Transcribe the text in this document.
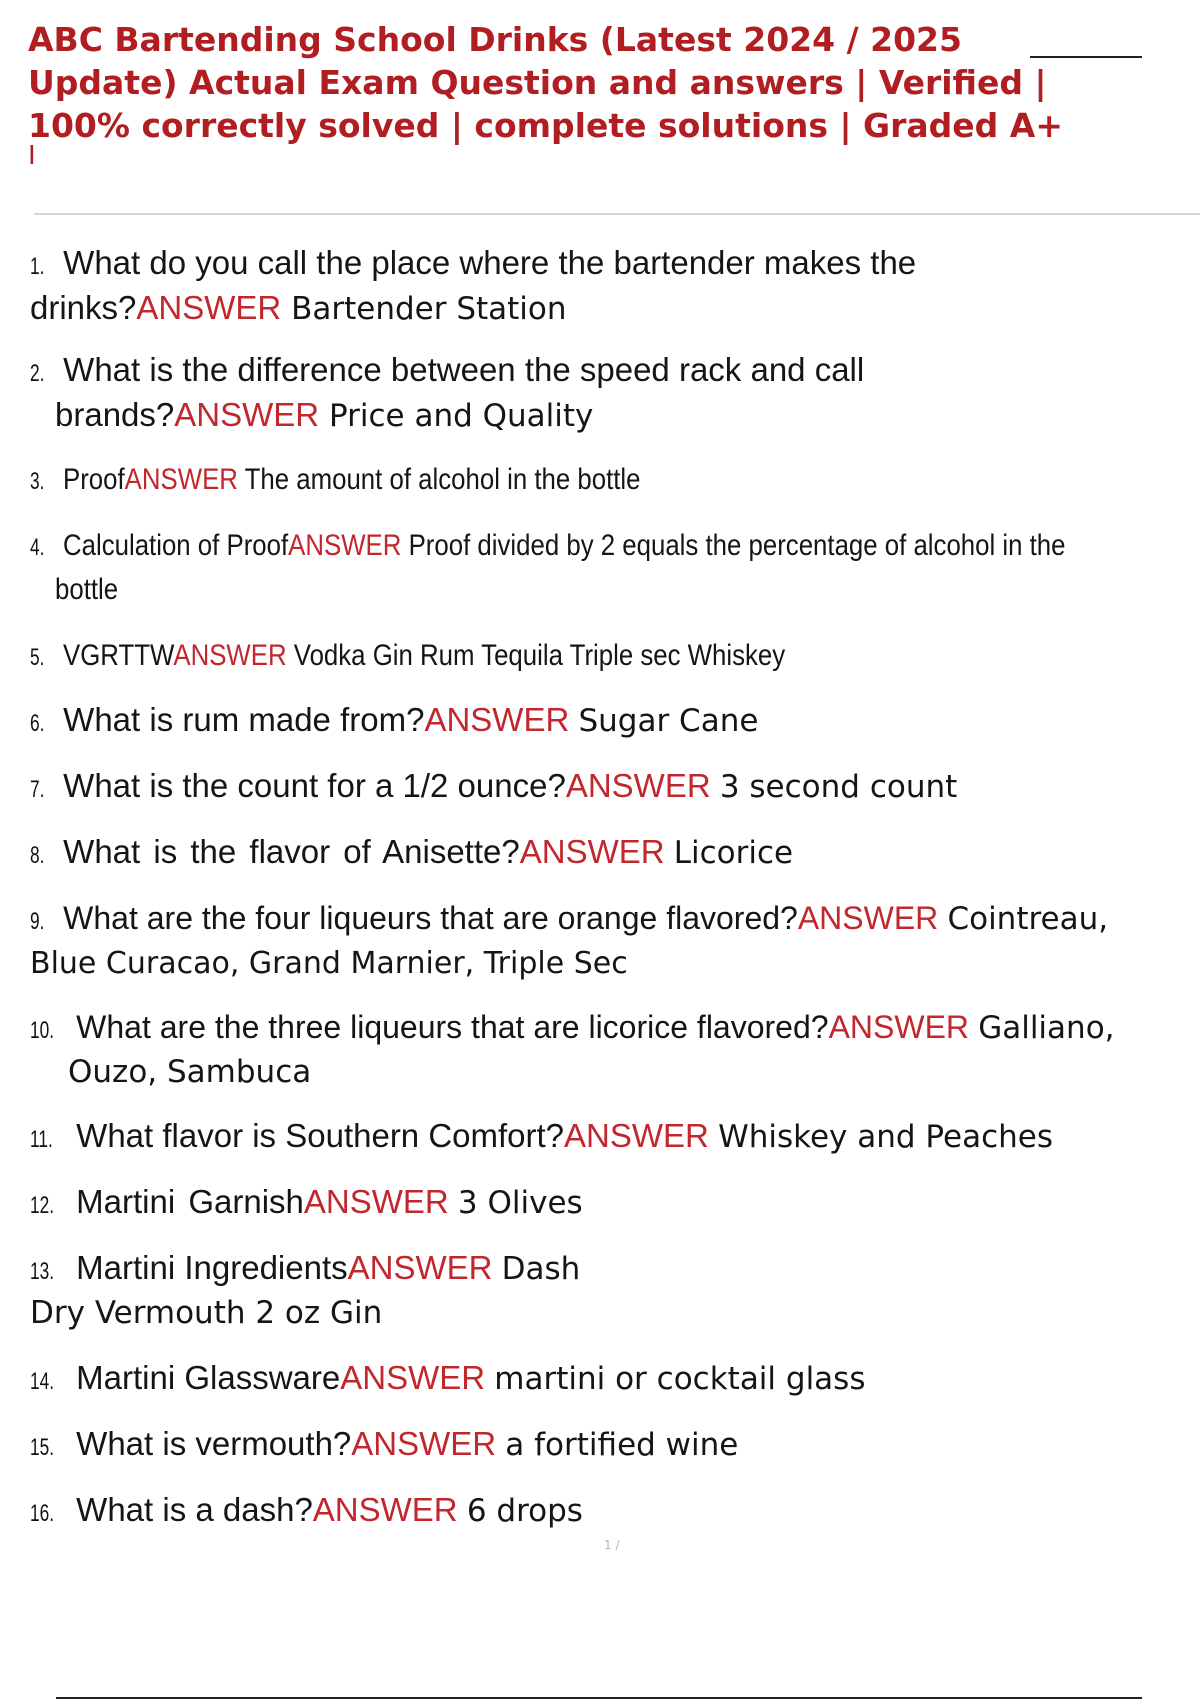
ABC Bartending School Drinks (Latest 2024 / 2025
Update) Actual Exam Question and answers | Verified |
100% correctly solved | complete solutions | Graded A+
I
1. What do you call the place where the bartender makes the
drinks?ANSWER Bartender Station
2. What is the difference between the speed rack and call
brands?ANSWER Price and Quality
3. ProofANSWER The amount of alcohol in the bottle
4. Calculation of ProofANSWER Proof divided by 2 equals the percentage of alcohol in the
bottle
5. VGRTTWANSWER Vodka Gin Rum Tequila Triple sec Whiskey
6. What is rum made from?ANSWER Sugar Cane
7. What is the count for a 1/2 ounce?ANSWER 3 second count
8. What is the flavor of Anisette?ANSWER Licorice
9. What are the four liqueurs that are orange flavored?ANSWER Cointreau,
Blue Curacao, Grand Marnier, Triple Sec
10. What are the three liqueurs that are licorice flavored?ANSWER Galliano,
Ouzo, Sambuca
11. What flavor is Southern Comfort?ANSWER Whiskey and Peaches
12. Martini GarnishANSWER 3 Olives
13. Martini IngredientsANSWER Dash
Dry Vermouth 2 oz Gin
14. Martini GlasswareANSWER martini or cocktail glass
15. What is vermouth?ANSWER a fortified wine
16. What is a dash?ANSWER 6 drops
1 /
